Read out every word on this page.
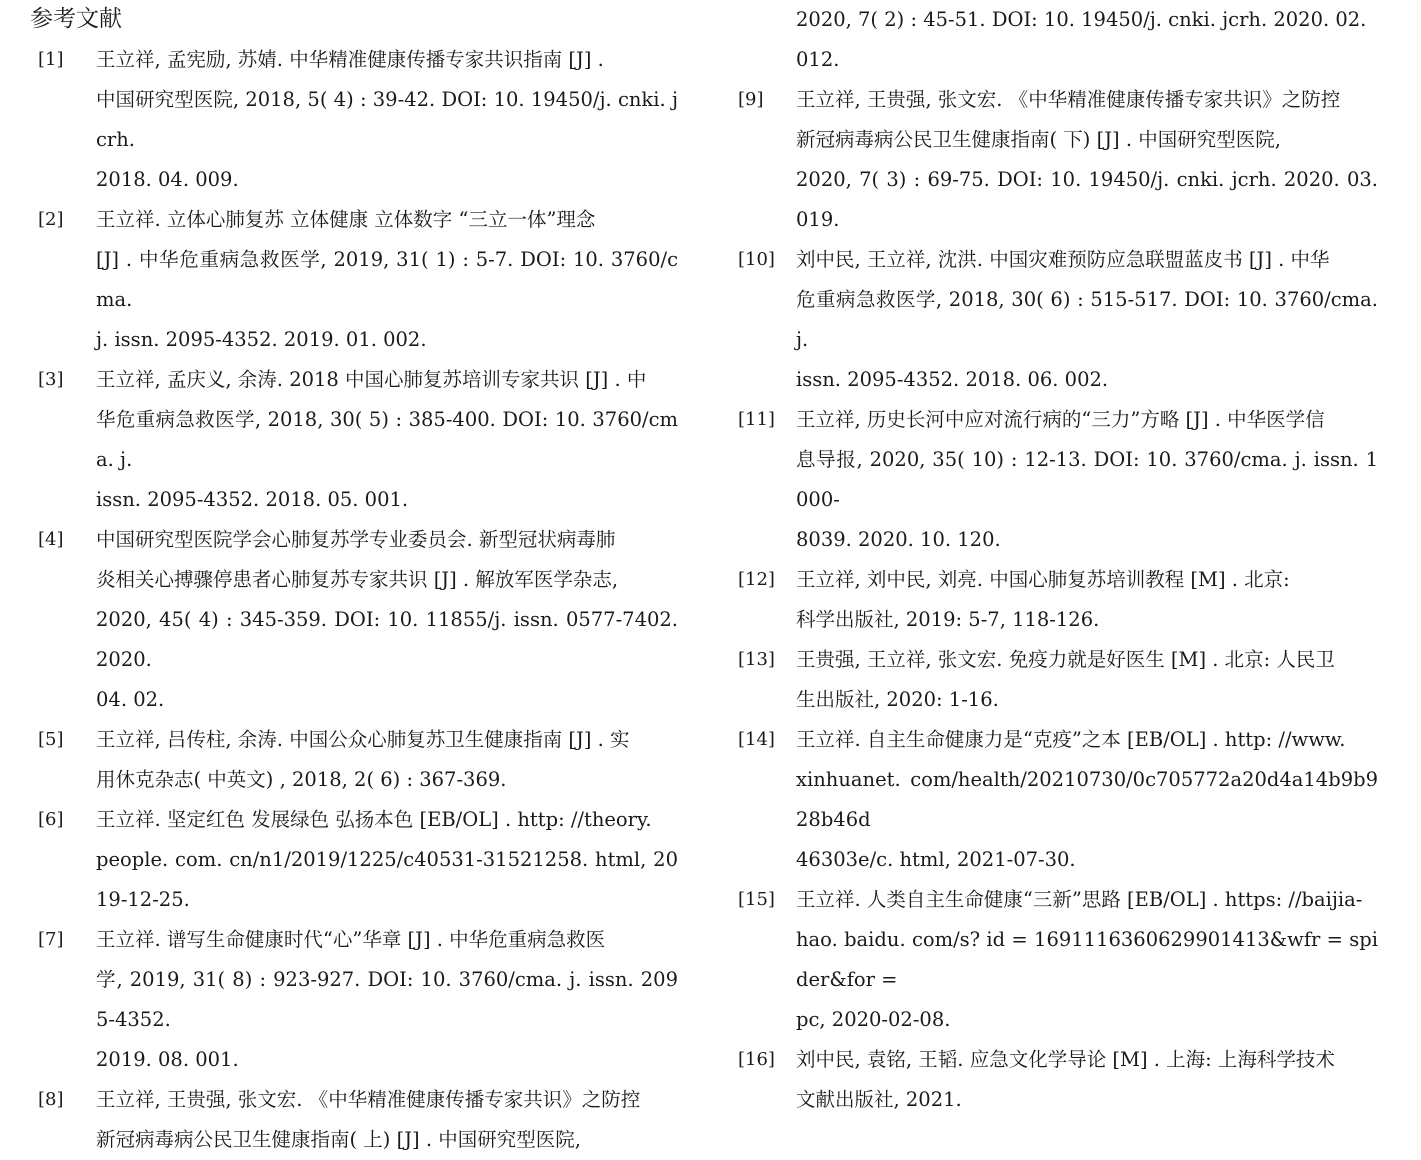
参考文献
[1] 王立祥, 孟宪励, 苏婧. 中华精准健康传播专家共识指南 [J] .
中国研究型医院, 2018, 5( 4) : 39-42. DOI: 10. 19450/j. cnki. jcrh.
2018. 04. 009.
[2] 王立祥. 立体心肺复苏 立体健康 立体数字 “三立一体”理念
[J] . 中华危重病急救医学, 2019, 31( 1) : 5-7. DOI: 10. 3760/cma.
j. issn. 2095-4352. 2019. 01. 002.
[3] 王立祥, 孟庆义, 余涛. 2018 中国心肺复苏培训专家共识 [J] . 中
华危重病急救医学, 2018, 30( 5) : 385-400. DOI: 10. 3760/cma. j.
issn. 2095-4352. 2018. 05. 001.
[4] 中国研究型医院学会心肺复苏学专业委员会. 新型冠状病毒肺
炎相关心搏骤停患者心肺复苏专家共识 [J] . 解放军医学杂志,
2020, 45( 4) : 345-359. DOI: 10. 11855/j. issn. 0577-7402. 2020.
04. 02.
[5] 王立祥, 吕传柱, 余涛. 中国公众心肺复苏卫生健康指南 [J] . 实
用休克杂志( 中英文) , 2018, 2( 6) : 367-369.
[6] 王立祥. 坚定红色 发展绿色 弘扬本色 [EB/OL] . http: //theory.
people. com. cn/n1/2019/1225/c40531-31521258. html, 2019-12-25.
[7] 王立祥. 谱写生命健康时代“心”华章 [J] . 中华危重病急救医
学, 2019, 31( 8) : 923-927. DOI: 10. 3760/cma. j. issn. 2095-4352.
2019. 08. 001.
[8] 王立祥, 王贵强, 张文宏. 《中华精准健康传播专家共识》之防控
新冠病毒病公民卫生健康指南( 上) [J] . 中国研究型医院,
2020, 7( 2) : 45-51. DOI: 10. 19450/j. cnki. jcrh. 2020. 02. 012.
[9] 王立祥, 王贵强, 张文宏. 《中华精准健康传播专家共识》之防控
新冠病毒病公民卫生健康指南( 下) [J] . 中国研究型医院,
2020, 7( 3) : 69-75. DOI: 10. 19450/j. cnki. jcrh. 2020. 03. 019.
[10] 刘中民, 王立祥, 沈洪. 中国灾难预防应急联盟蓝皮书 [J] . 中华
危重病急救医学, 2018, 30( 6) : 515-517. DOI: 10. 3760/cma. j.
issn. 2095-4352. 2018. 06. 002.
[11] 王立祥, 历史长河中应对流行病的“三力”方略 [J] . 中华医学信
息导报, 2020, 35( 10) : 12-13. DOI: 10. 3760/cma. j. issn. 1000-
8039. 2020. 10. 120.
[12] 王立祥, 刘中民, 刘亮. 中国心肺复苏培训教程 [M] . 北京:
科学出版社, 2019: 5-7, 118-126.
[13] 王贵强, 王立祥, 张文宏. 免疫力就是好医生 [M] . 北京: 人民卫
生出版社, 2020: 1-16.
[14] 王立祥. 自主生命健康力是“克疫”之本 [EB/OL] . http: //www.
xinhuanet. com/health/20210730/0c705772a20d4a14b9b928b46d
46303e/c. html, 2021-07-30.
[15] 王立祥. 人类自主生命健康“三新”思路 [EB/OL] . https: //baijia-
hao. baidu. com/s? id = 1691116360629901413&wfr = spider&for =
pc, 2020-02-08.
[16] 刘中民, 袁铭, 王韬. 应急文化学导论 [M] . 上海: 上海科学技术
文献出版社, 2021.
